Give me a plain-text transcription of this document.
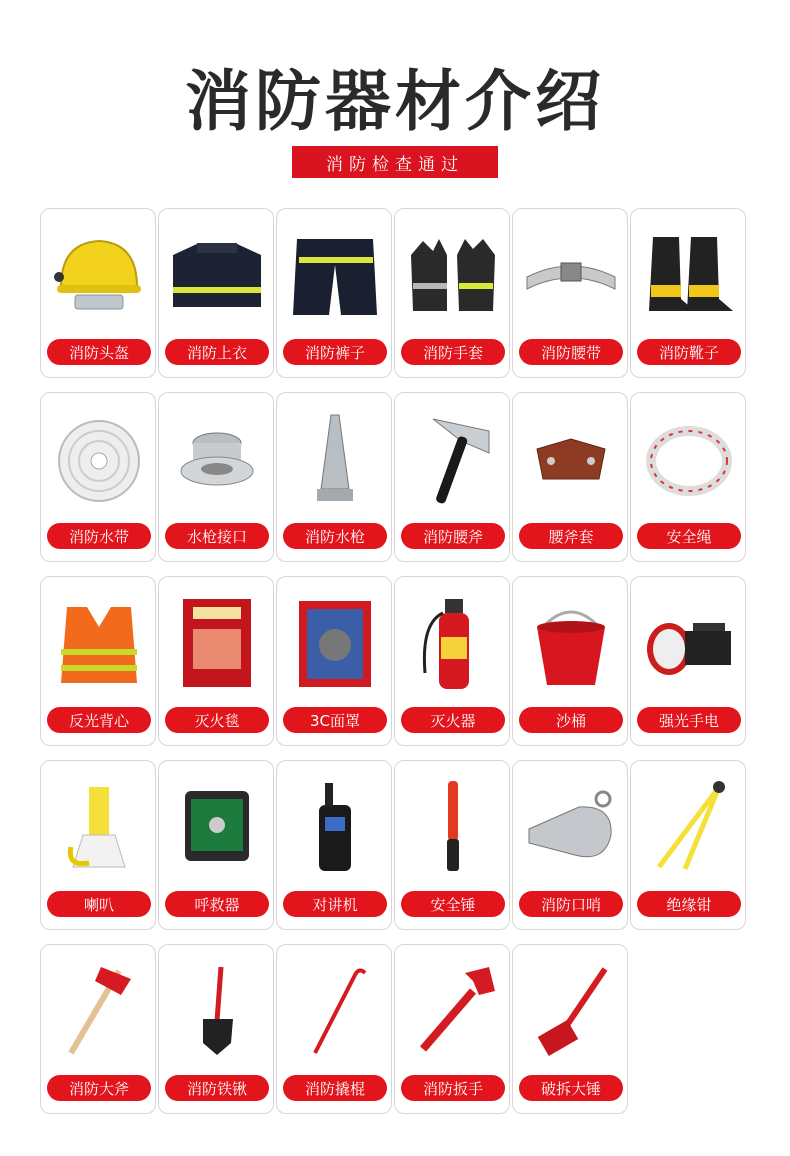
消防器材介绍
消防检查通过
消防头盔	消防上衣	消防裤子	消防手套	消防腰带	消防靴子
消防水带	水枪接口	消防水枪	消防腰斧	腰斧套	安全绳
反光背心	灭火毯	3C面罩	灭火器	沙桶	强光手电
喇叭	呼救器	对讲机	安全锤	消防口哨	绝缘钳
消防大斧	消防铁锹	消防撬棍	消防扳手	破拆大锤
